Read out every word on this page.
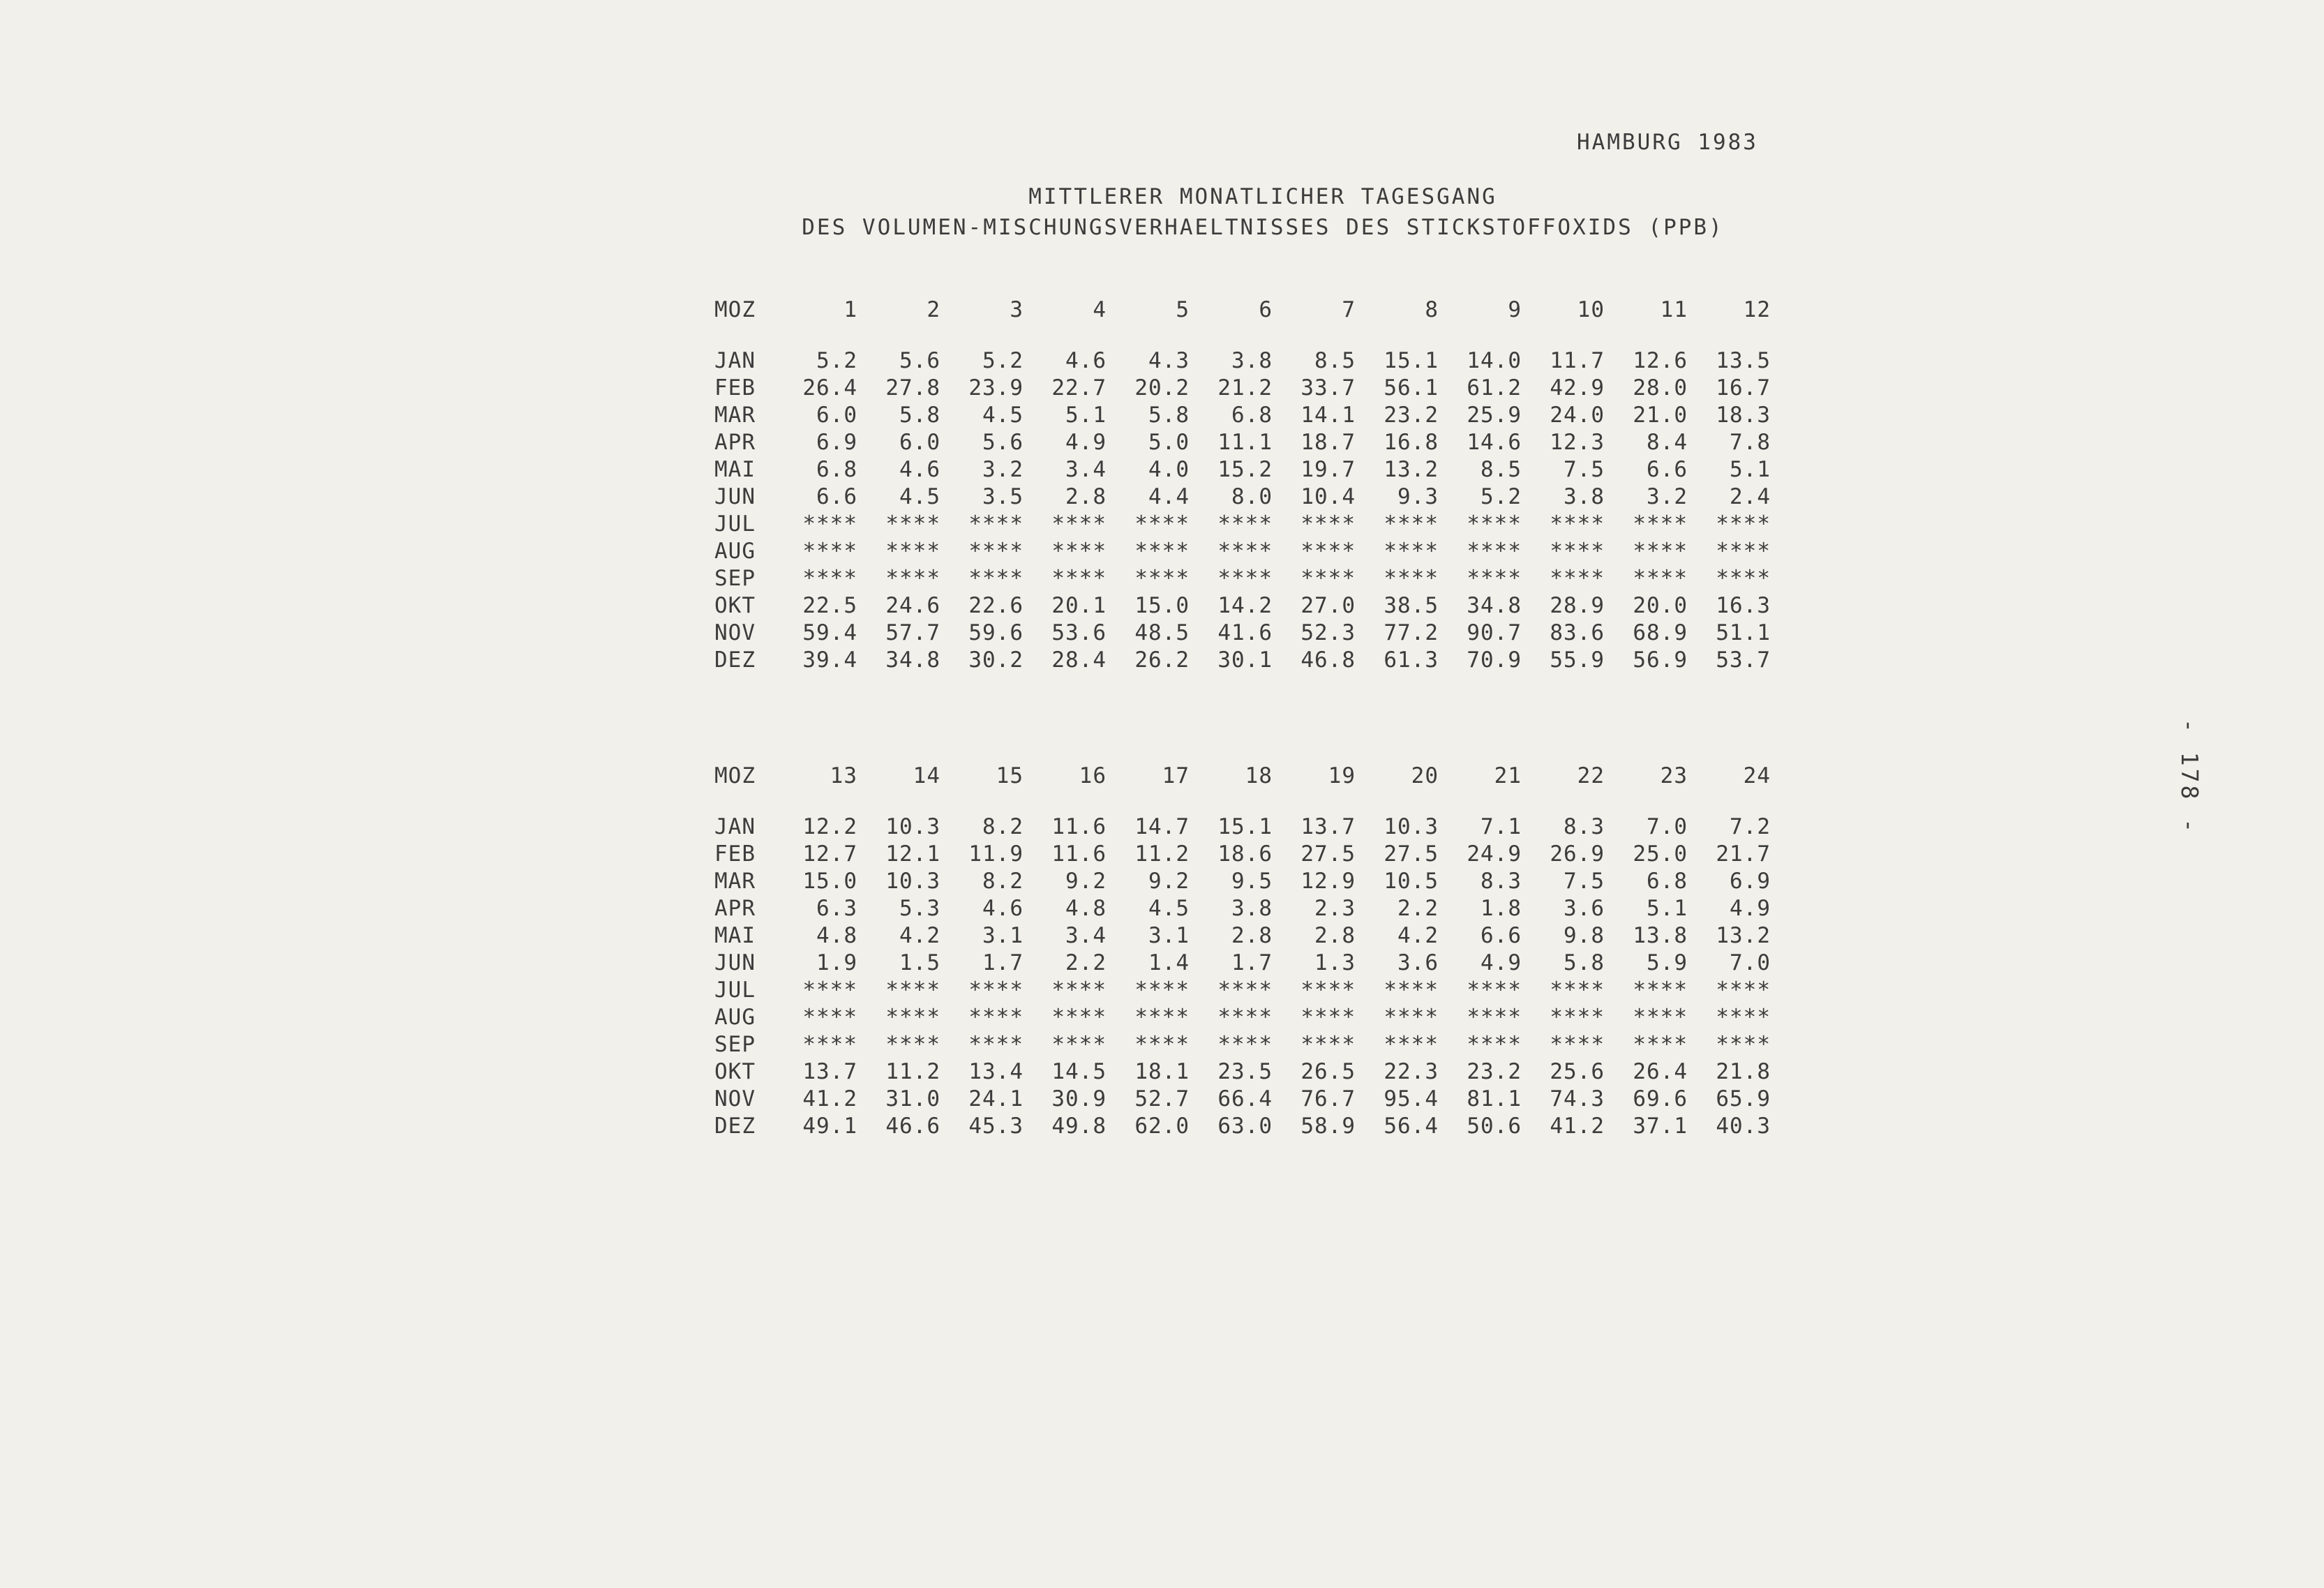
HAMBURG 1983
MITTLERER MONATLICHER TAGESGANG
DES VOLUMEN-MISCHUNGSVERHAELTNISSES DES STICKSTOFFOXIDS (PPB)
MOZ	1	2	3	4	5	6	7	8	9	10	11	12
JAN	5.2	5.6	5.2	4.6	4.3	3.8	8.5	15.1	14.0	11.7	12.6	13.5
FEB	26.4	27.8	23.9	22.7	20.2	21.2	33.7	56.1	61.2	42.9	28.0	16.7
MAR	6.0	5.8	4.5	5.1	5.8	6.8	14.1	23.2	25.9	24.0	21.0	18.3
APR	6.9	6.0	5.6	4.9	5.0	11.1	18.7	16.8	14.6	12.3	8.4	7.8
MAI	6.8	4.6	3.2	3.4	4.0	15.2	19.7	13.2	8.5	7.5	6.6	5.1
JUN	6.6	4.5	3.5	2.8	4.4	8.0	10.4	9.3	5.2	3.8	3.2	2.4
JUL	****	****	****	****	****	****	****	****	****	****	****	****
AUG	****	****	****	****	****	****	****	****	****	****	****	****
SEP	****	****	****	****	****	****	****	****	****	****	****	****
OKT	22.5	24.6	22.6	20.1	15.0	14.2	27.0	38.5	34.8	28.9	20.0	16.3
NOV	59.4	57.7	59.6	53.6	48.5	41.6	52.3	77.2	90.7	83.6	68.9	51.1
DEZ	39.4	34.8	30.2	28.4	26.2	30.1	46.8	61.3	70.9	55.9	56.9	53.7
MOZ	13	14	15	16	17	18	19	20	21	22	23	24
JAN	12.2	10.3	8.2	11.6	14.7	15.1	13.7	10.3	7.1	8.3	7.0	7.2
FEB	12.7	12.1	11.9	11.6	11.2	18.6	27.5	27.5	24.9	26.9	25.0	21.7
MAR	15.0	10.3	8.2	9.2	9.2	9.5	12.9	10.5	8.3	7.5	6.8	6.9
APR	6.3	5.3	4.6	4.8	4.5	3.8	2.3	2.2	1.8	3.6	5.1	4.9
MAI	4.8	4.2	3.1	3.4	3.1	2.8	2.8	4.2	6.6	9.8	13.8	13.2
JUN	1.9	1.5	1.7	2.2	1.4	1.7	1.3	3.6	4.9	5.8	5.9	7.0
JUL	****	****	****	****	****	****	****	****	****	****	****	****
AUG	****	****	****	****	****	****	****	****	****	****	****	****
SEP	****	****	****	****	****	****	****	****	****	****	****	****
OKT	13.7	11.2	13.4	14.5	18.1	23.5	26.5	22.3	23.2	25.6	26.4	21.8
NOV	41.2	31.0	24.1	30.9	52.7	66.4	76.7	95.4	81.1	74.3	69.6	65.9
DEZ	49.1	46.6	45.3	49.8	62.0	63.0	58.9	56.4	50.6	41.2	37.1	40.3
- 178 -
